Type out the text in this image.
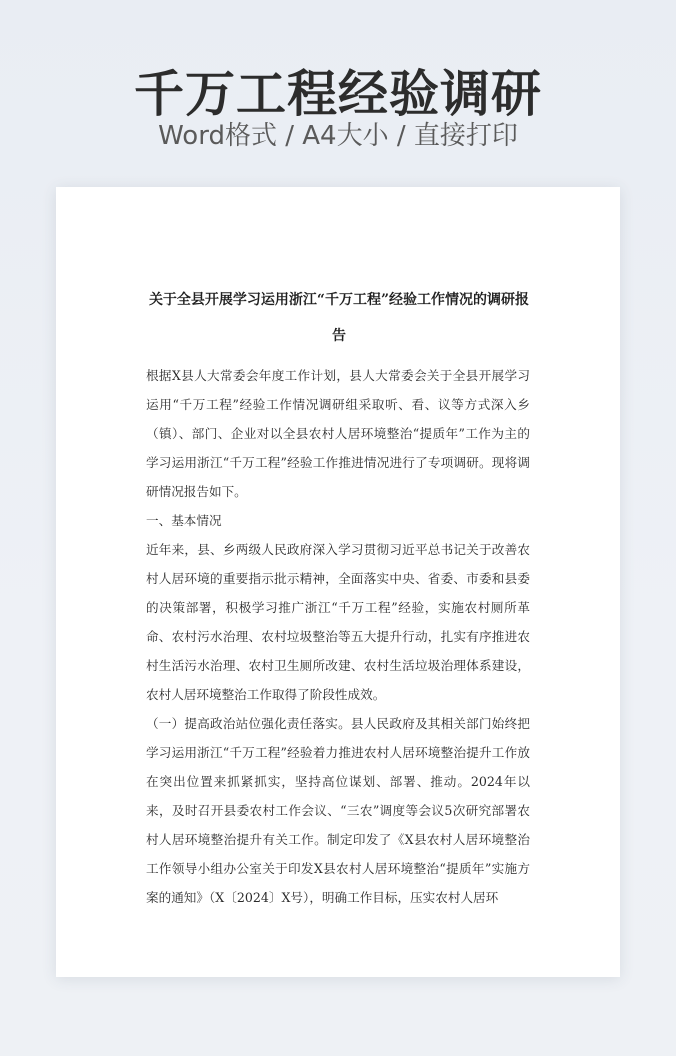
千万工程经验调研
Word格式 / A4大小 / 直接打印
关于全县开展学习运用浙江“千万工程”经验工作情况的调研报告

根据X县人大常委会年度工作计划，县人大常委会关于全县开展学习运用“千万工程”经验工作情况调研组采取听、看、议等方式深入乡（镇）、部门、企业对以全县农村人居环境整治“提质年”工作为主的学习运用浙江“千万工程”经验工作推进情况进行了专项调研。现将调研情况报告如下。

一、基本情况

近年来，县、乡两级人民政府深入学习贯彻习近平总书记关于改善农村人居环境的重要指示批示精神，全面落实中央、省委、市委和县委的决策部署，积极学习推广浙江“千万工程”经验，实施农村厕所革命、农村污水治理、农村垃圾整治等五大提升行动，扎实有序推进农村生活污水治理、农村卫生厕所改建、农村生活垃圾治理体系建设，农村人居环境整治工作取得了阶段性成效。

（一）提高政治站位强化责任落实。县人民政府及其相关部门始终把学习运用浙江“千万工程”经验着力推进农村人居环境整治提升工作放在突出位置来抓紧抓实，坚持高位谋划、部署、推动。2024年以来，及时召开县委农村工作会议、“三农”调度等会议5次研究部署农村人居环境整治提升有关工作。制定印发了《X县农村人居环境整治工作领导小组办公室关于印发X县农村人居环境整治“提质年”实施方案的通知》（X〔2024〕X号），明确工作目标，压实农村人居环
